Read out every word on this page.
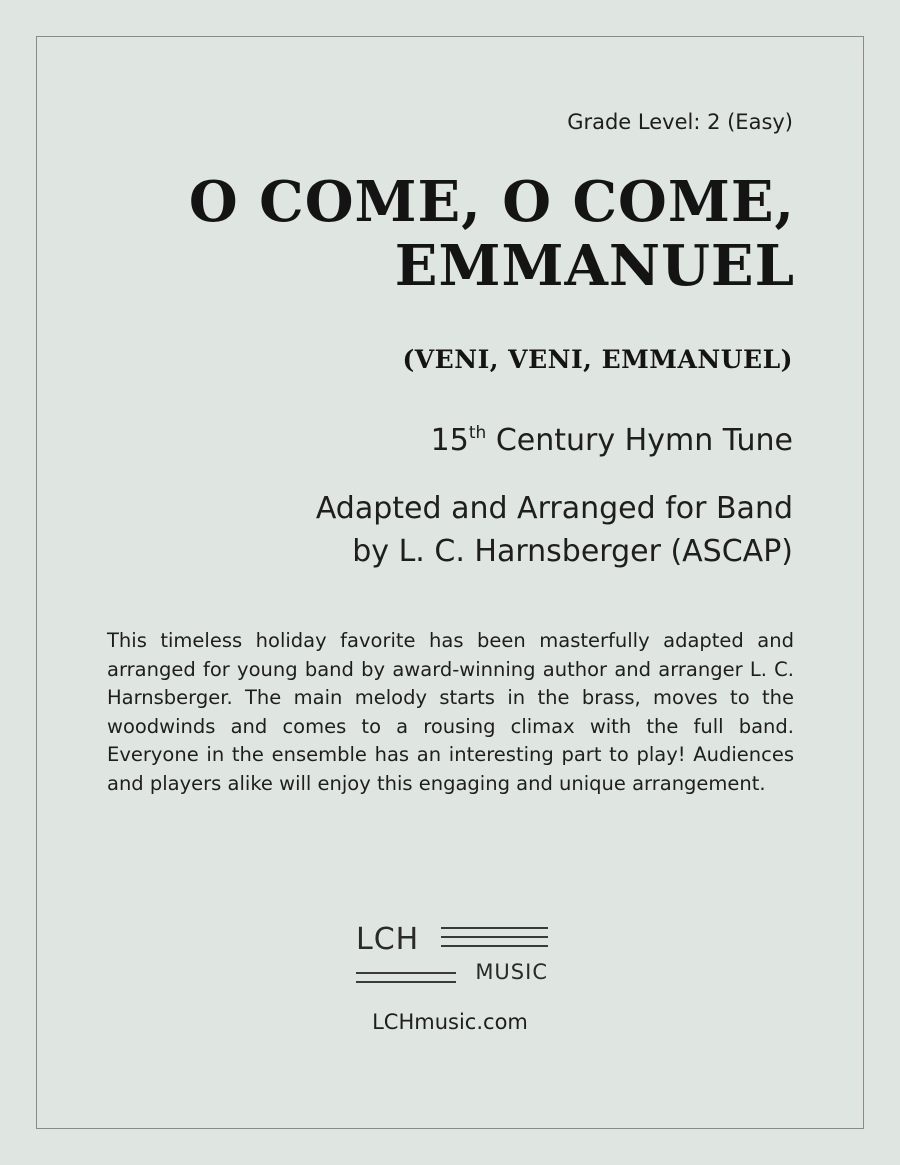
Grade Level: 2 (Easy)
O COME, O COME,
EMMANUEL
(VENI, VENI, EMMANUEL)
15th Century Hymn Tune
Adapted and Arranged for Band
by L. C. Harnsberger (ASCAP)

This timeless holiday favorite has been masterfully adapted and arranged for young band by award-winning author and arranger L. C. Harnsberger. The main melody starts in the brass, moves to the woodwinds and comes to a rousing climax with the full band. Everyone in the ensemble has an interesting part to play! Audiences and players alike will enjoy this engaging and unique arrangement.

LCH
MUSIC
LCHmusic.com
